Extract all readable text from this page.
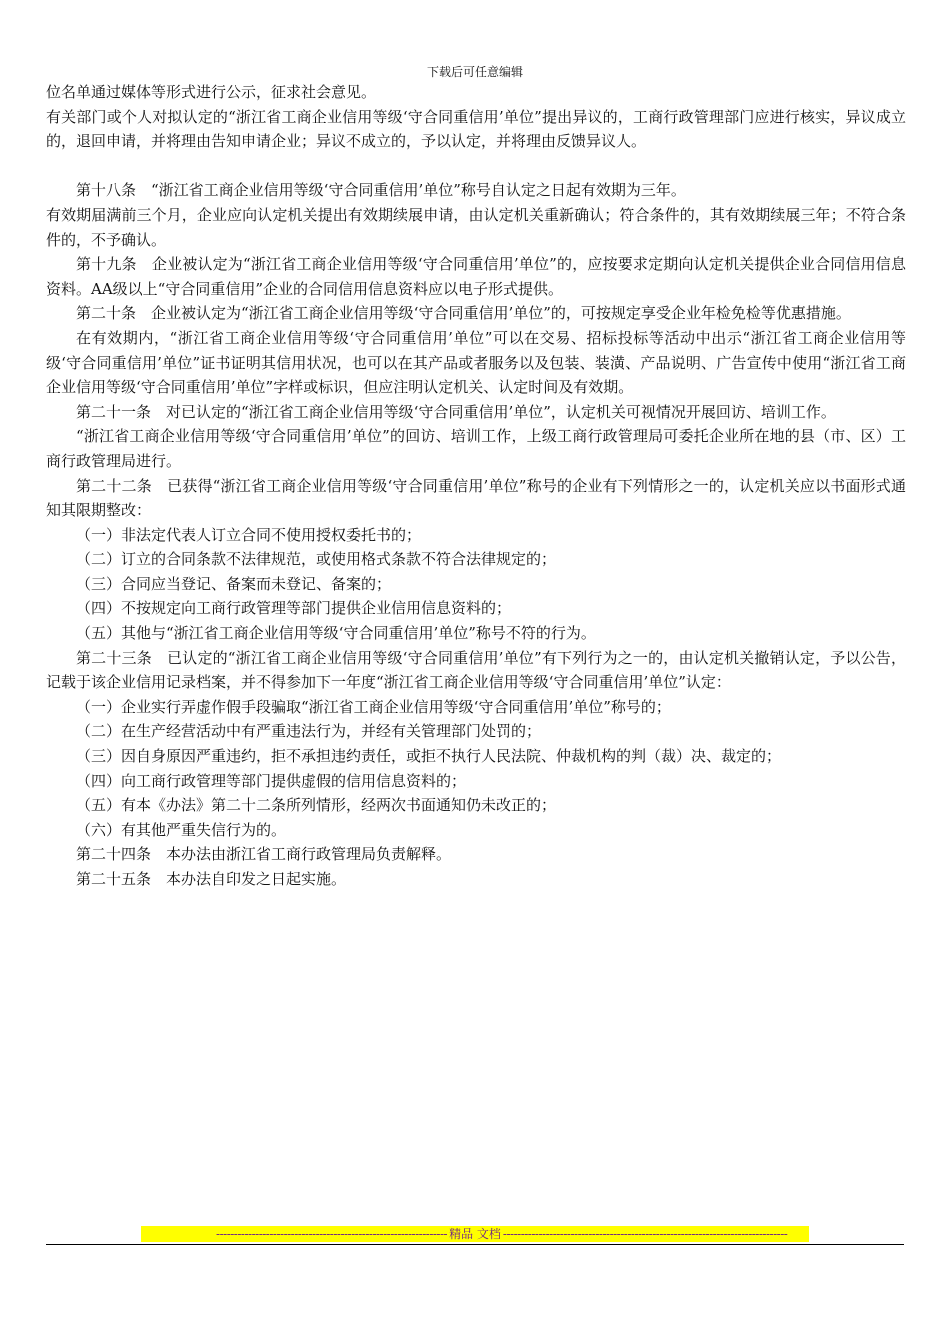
下载后可任意编辑

位名单通过媒体等形式进行公示，征求社会意见。

有关部门或个人对拟认定的“浙江省工商企业信用等级‘守合同重信用’单位”提出异议的，工商行政管理部门应进行核实，异议成立的，退回申请，并将理由告知申请企业；异议不成立的，予以认定，并将理由反馈异议人。

第十八条　“浙江省工商企业信用等级‘守合同重信用’单位”称号自认定之日起有效期为三年。

有效期届满前三个月，企业应向认定机关提出有效期续展申请，由认定机关重新确认；符合条件的，其有效期续展三年；不符合条件的，不予确认。

第十九条　企业被认定为“浙江省工商企业信用等级‘守合同重信用’单位”的，应按要求定期向认定机关提供企业合同信用信息资料。AA级以上“守合同重信用”企业的合同信用信息资料应以电子形式提供。

第二十条　企业被认定为“浙江省工商企业信用等级‘守合同重信用’单位”的，可按规定享受企业年检免检等优惠措施。

在有效期内，“浙江省工商企业信用等级‘守合同重信用’单位”可以在交易、招标投标等活动中出示“浙江省工商企业信用等级‘守合同重信用’单位”证书证明其信用状况，也可以在其产品或者服务以及包装、装潢、产品说明、广告宣传中使用“浙江省工商企业信用等级‘守合同重信用’单位”字样或标识，但应注明认定机关、认定时间及有效期。

第二十一条　对已认定的“浙江省工商企业信用等级‘守合同重信用’单位”，认定机关可视情况开展回访、培训工作。

“浙江省工商企业信用等级‘守合同重信用’单位”的回访、培训工作，上级工商行政管理局可委托企业所在地的县（市、区）工商行政管理局进行。

第二十二条　已获得“浙江省工商企业信用等级‘守合同重信用’单位”称号的企业有下列情形之一的，认定机关应以书面形式通知其限期整改：

（一）非法定代表人订立合同不使用授权委托书的；

（二）订立的合同条款不法律规范，或使用格式条款不符合法律规定的；

（三）合同应当登记、备案而未登记、备案的；

（四）不按规定向工商行政管理等部门提供企业信用信息资料的；

（五）其他与“浙江省工商企业信用等级‘守合同重信用’单位”称号不符的行为。

第二十三条　已认定的“浙江省工商企业信用等级‘守合同重信用’单位”有下列行为之一的，由认定机关撤销认定，予以公告，记载于该企业信用记录档案，并不得参加下一年度“浙江省工商企业信用等级‘守合同重信用’单位”认定：

（一）企业实行弄虚作假手段骗取“浙江省工商企业信用等级‘守合同重信用’单位”称号的；

（二）在生产经营活动中有严重违法行为，并经有关管理部门处罚的；

（三）因自身原因严重违约，拒不承担违约责任，或拒不执行人民法院、仲裁机构的判（裁）决、裁定的；

（四）向工商行政管理等部门提供虚假的信用信息资料的；

（五）有本《办法》第二十二条所列情形，经两次书面通知仍未改正的；

（六）有其他严重失信行为的。

第二十四条　本办法由浙江省工商行政管理局负责解释。

第二十五条　本办法自印发之日起实施。

----------------------------------------------------------------- 精品 文档 --------------------------------------------------------------------------------
